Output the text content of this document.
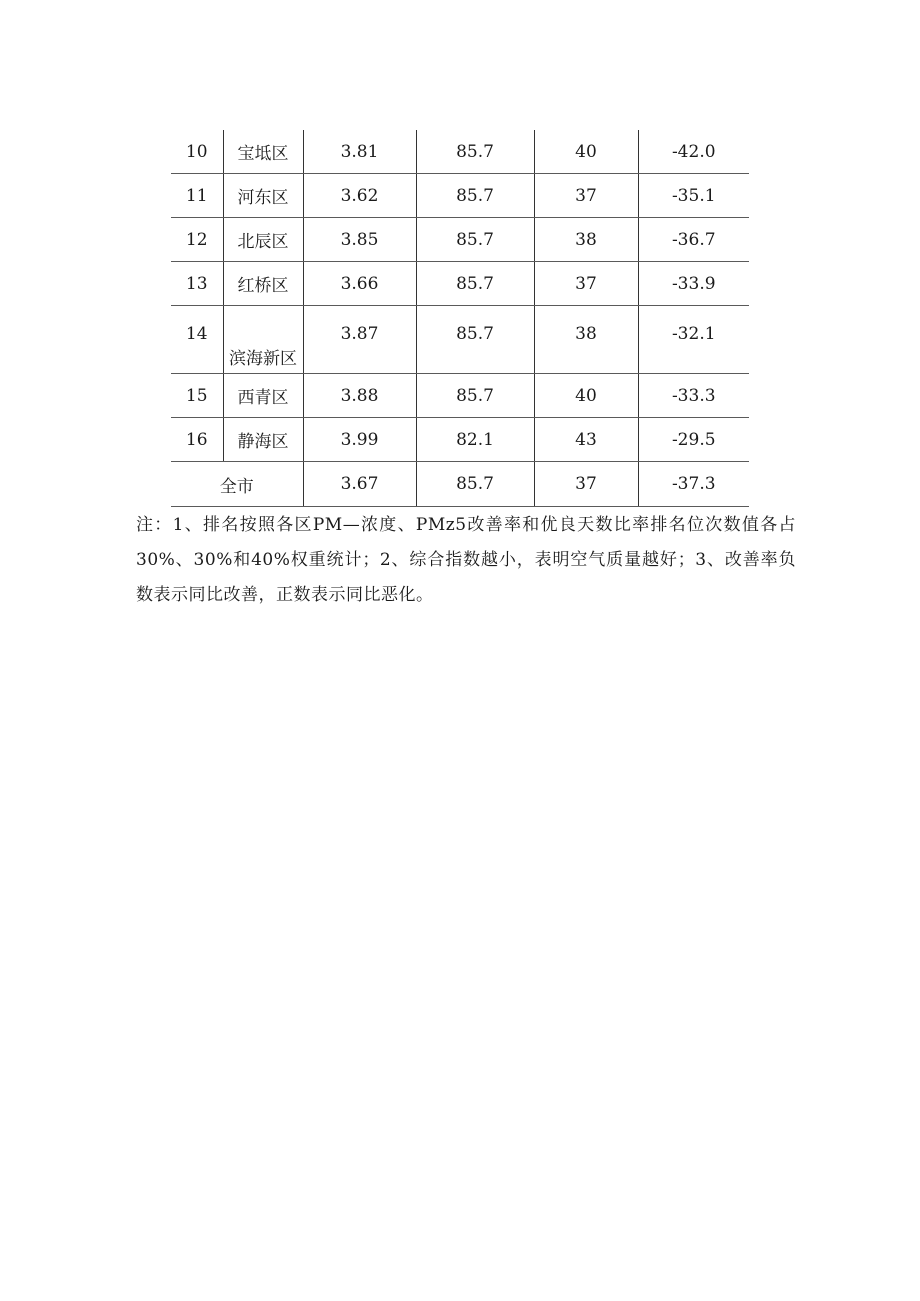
10	宝坻区	3.81	85.7	40	-42.0
11	河东区	3.62	85.7	37	-35.1
12	北辰区	3.85	85.7	38	-36.7
13	红桥区	3.66	85.7	37	-33.9
14	滨海新区	3.87	85.7	38	-32.1
15	西青区	3.88	85.7	40	-33.3
16	静海区	3.99	82.1	43	-29.5
全市		3.67	85.7	37	-37.3

注：1、排名按照各区PM—浓度、PMz5改善率和优良天数比率排名位次数值各占30%、30%和40%权重统计；2、综合指数越小，表明空气质量越好；3、改善率负数表示同比改善，正数表示同比恶化。
